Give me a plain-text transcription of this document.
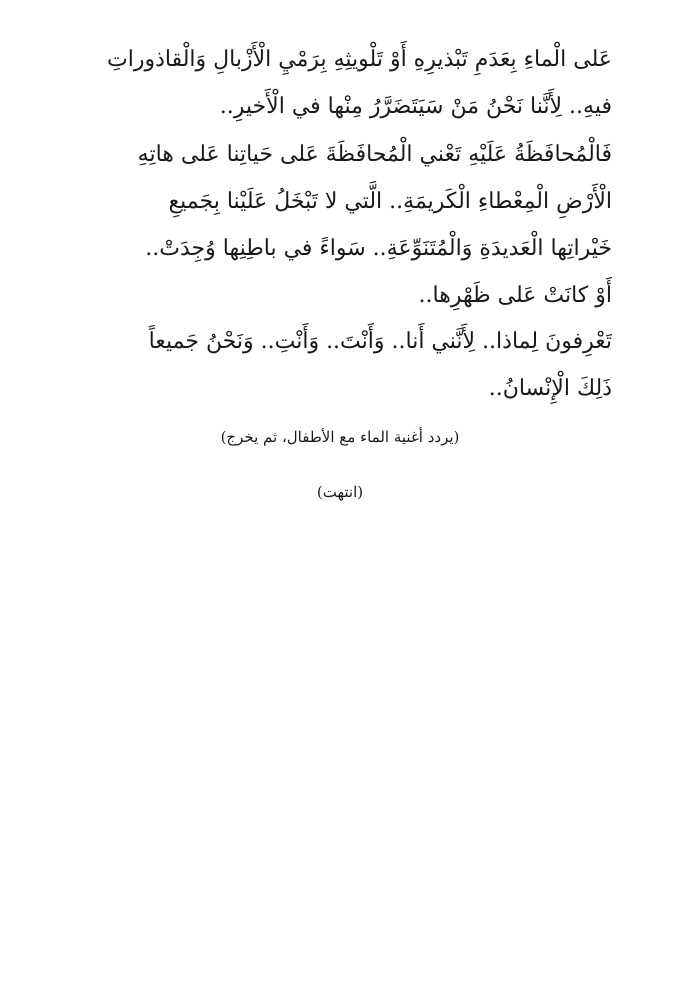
عَلى الْماءِ بِعَدَمِ تَبْذيرِهِ أَوْ تَلْويثِهِ بِرَمْيِ الْأَزْبالِ وَالْقاذوراتِ
فيهِ.. لِأَنَّنا نَحْنُ مَنْ سَيَتَضَرَّرُ مِنْها في الْأَخيرِ..
فَالْمُحافَظَةُ عَلَيْهِ تَعْني الْمُحافَظَةَ عَلى حَياتِنا عَلى هاتِهِ
الْأَرْضِ الْمِعْطاءِ الْكَريمَةِ.. الَّتي لا تَبْخَلُ عَلَيْنا بِجَميعِ
خَيْراتِها الْعَديدَةِ وَالْمُتَنَوِّعَةِ.. سَواءً في باطِنِها وُجِدَتْ..
أَوْ كانَتْ عَلى ظَهْرِها..
تَعْرِفونَ لِماذا.. لِأَنَّني أَنا.. وَأَنْتَ.. وَأَنْتِ.. وَنَحْنُ جَميعاً
ذَلِكَ الْإِنْسانُ..
(يردد أغنية الماء مع الأطفال، ثم يخرج)
(انتهت)
